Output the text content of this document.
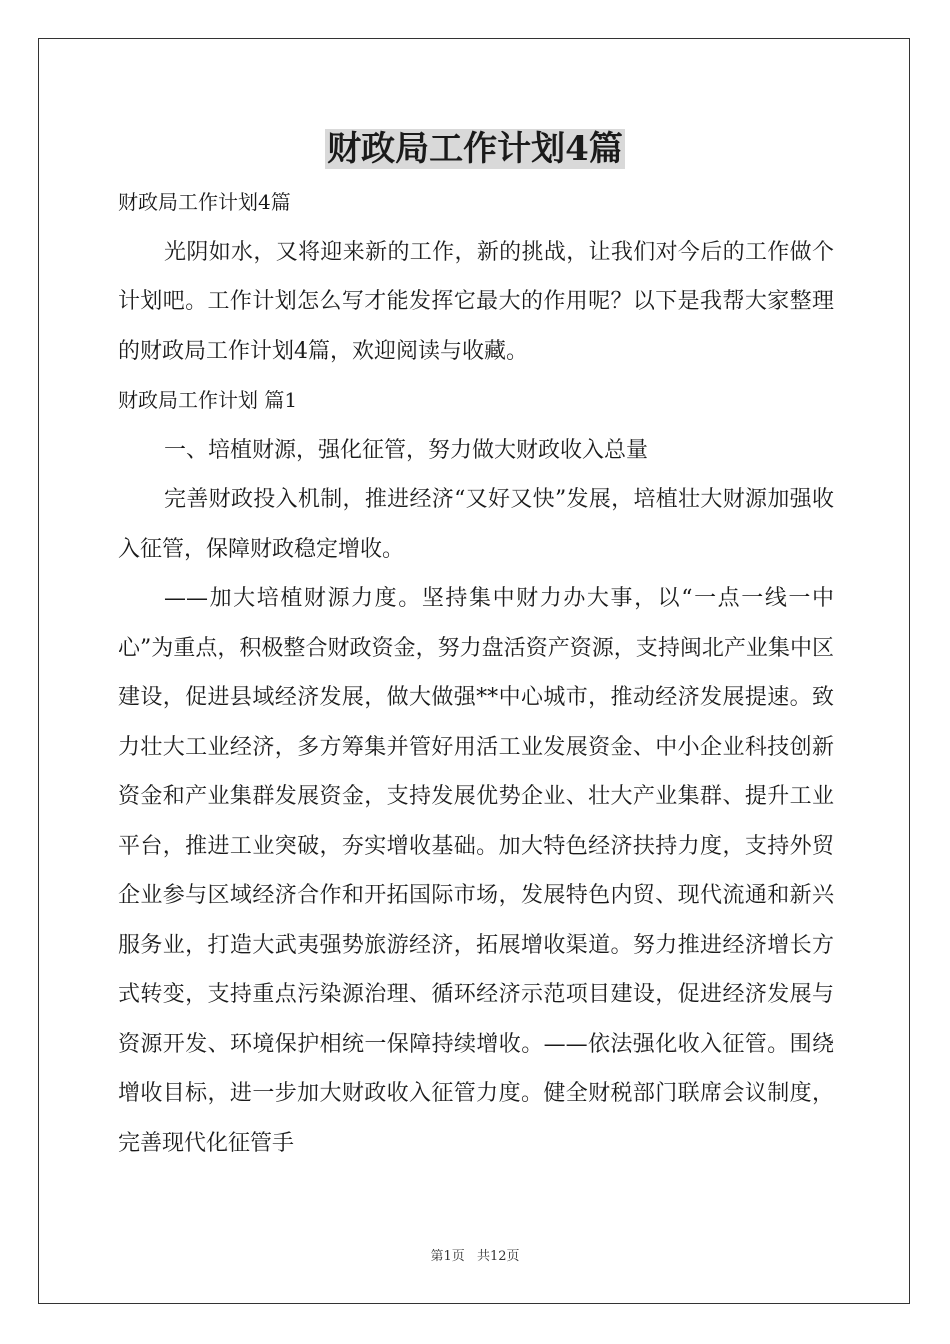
财政局工作计划4篇

财政局工作计划4篇

光阴如水，又将迎来新的工作，新的挑战，让我们对今后的工作做个计划吧。工作计划怎么写才能发挥它最大的作用呢？以下是我帮大家整理的财政局工作计划4篇，欢迎阅读与收藏。

财政局工作计划 篇1

一、培植财源，强化征管，努力做大财政收入总量

完善财政投入机制，推进经济“又好又快”发展，培植壮大财源加强收入征管，保障财政稳定增收。

——加大培植财源力度。坚持集中财力办大事，以“一点一线一中心”为重点，积极整合财政资金，努力盘活资产资源，支持闽北产业集中区建设，促进县域经济发展，做大做强**中心城市，推动经济发展提速。致力壮大工业经济，多方筹集并管好用活工业发展资金、中小企业科技创新资金和产业集群发展资金，支持发展优势企业、壮大产业集群、提升工业平台，推进工业突破，夯实增收基础。加大特色经济扶持力度，支持外贸企业参与区域经济合作和开拓国际市场，发展特色内贸、现代流通和新兴服务业，打造大武夷强势旅游经济，拓展增收渠道。努力推进经济增长方式转变，支持重点污染源治理、循环经济示范项目建设，促进经济发展与资源开发、环境保护相统一保障持续增收。——依法强化收入征管。围绕增收目标，进一步加大财政收入征管力度。健全财税部门联席会议制度，完善现代化征管手

第1页 共12页
